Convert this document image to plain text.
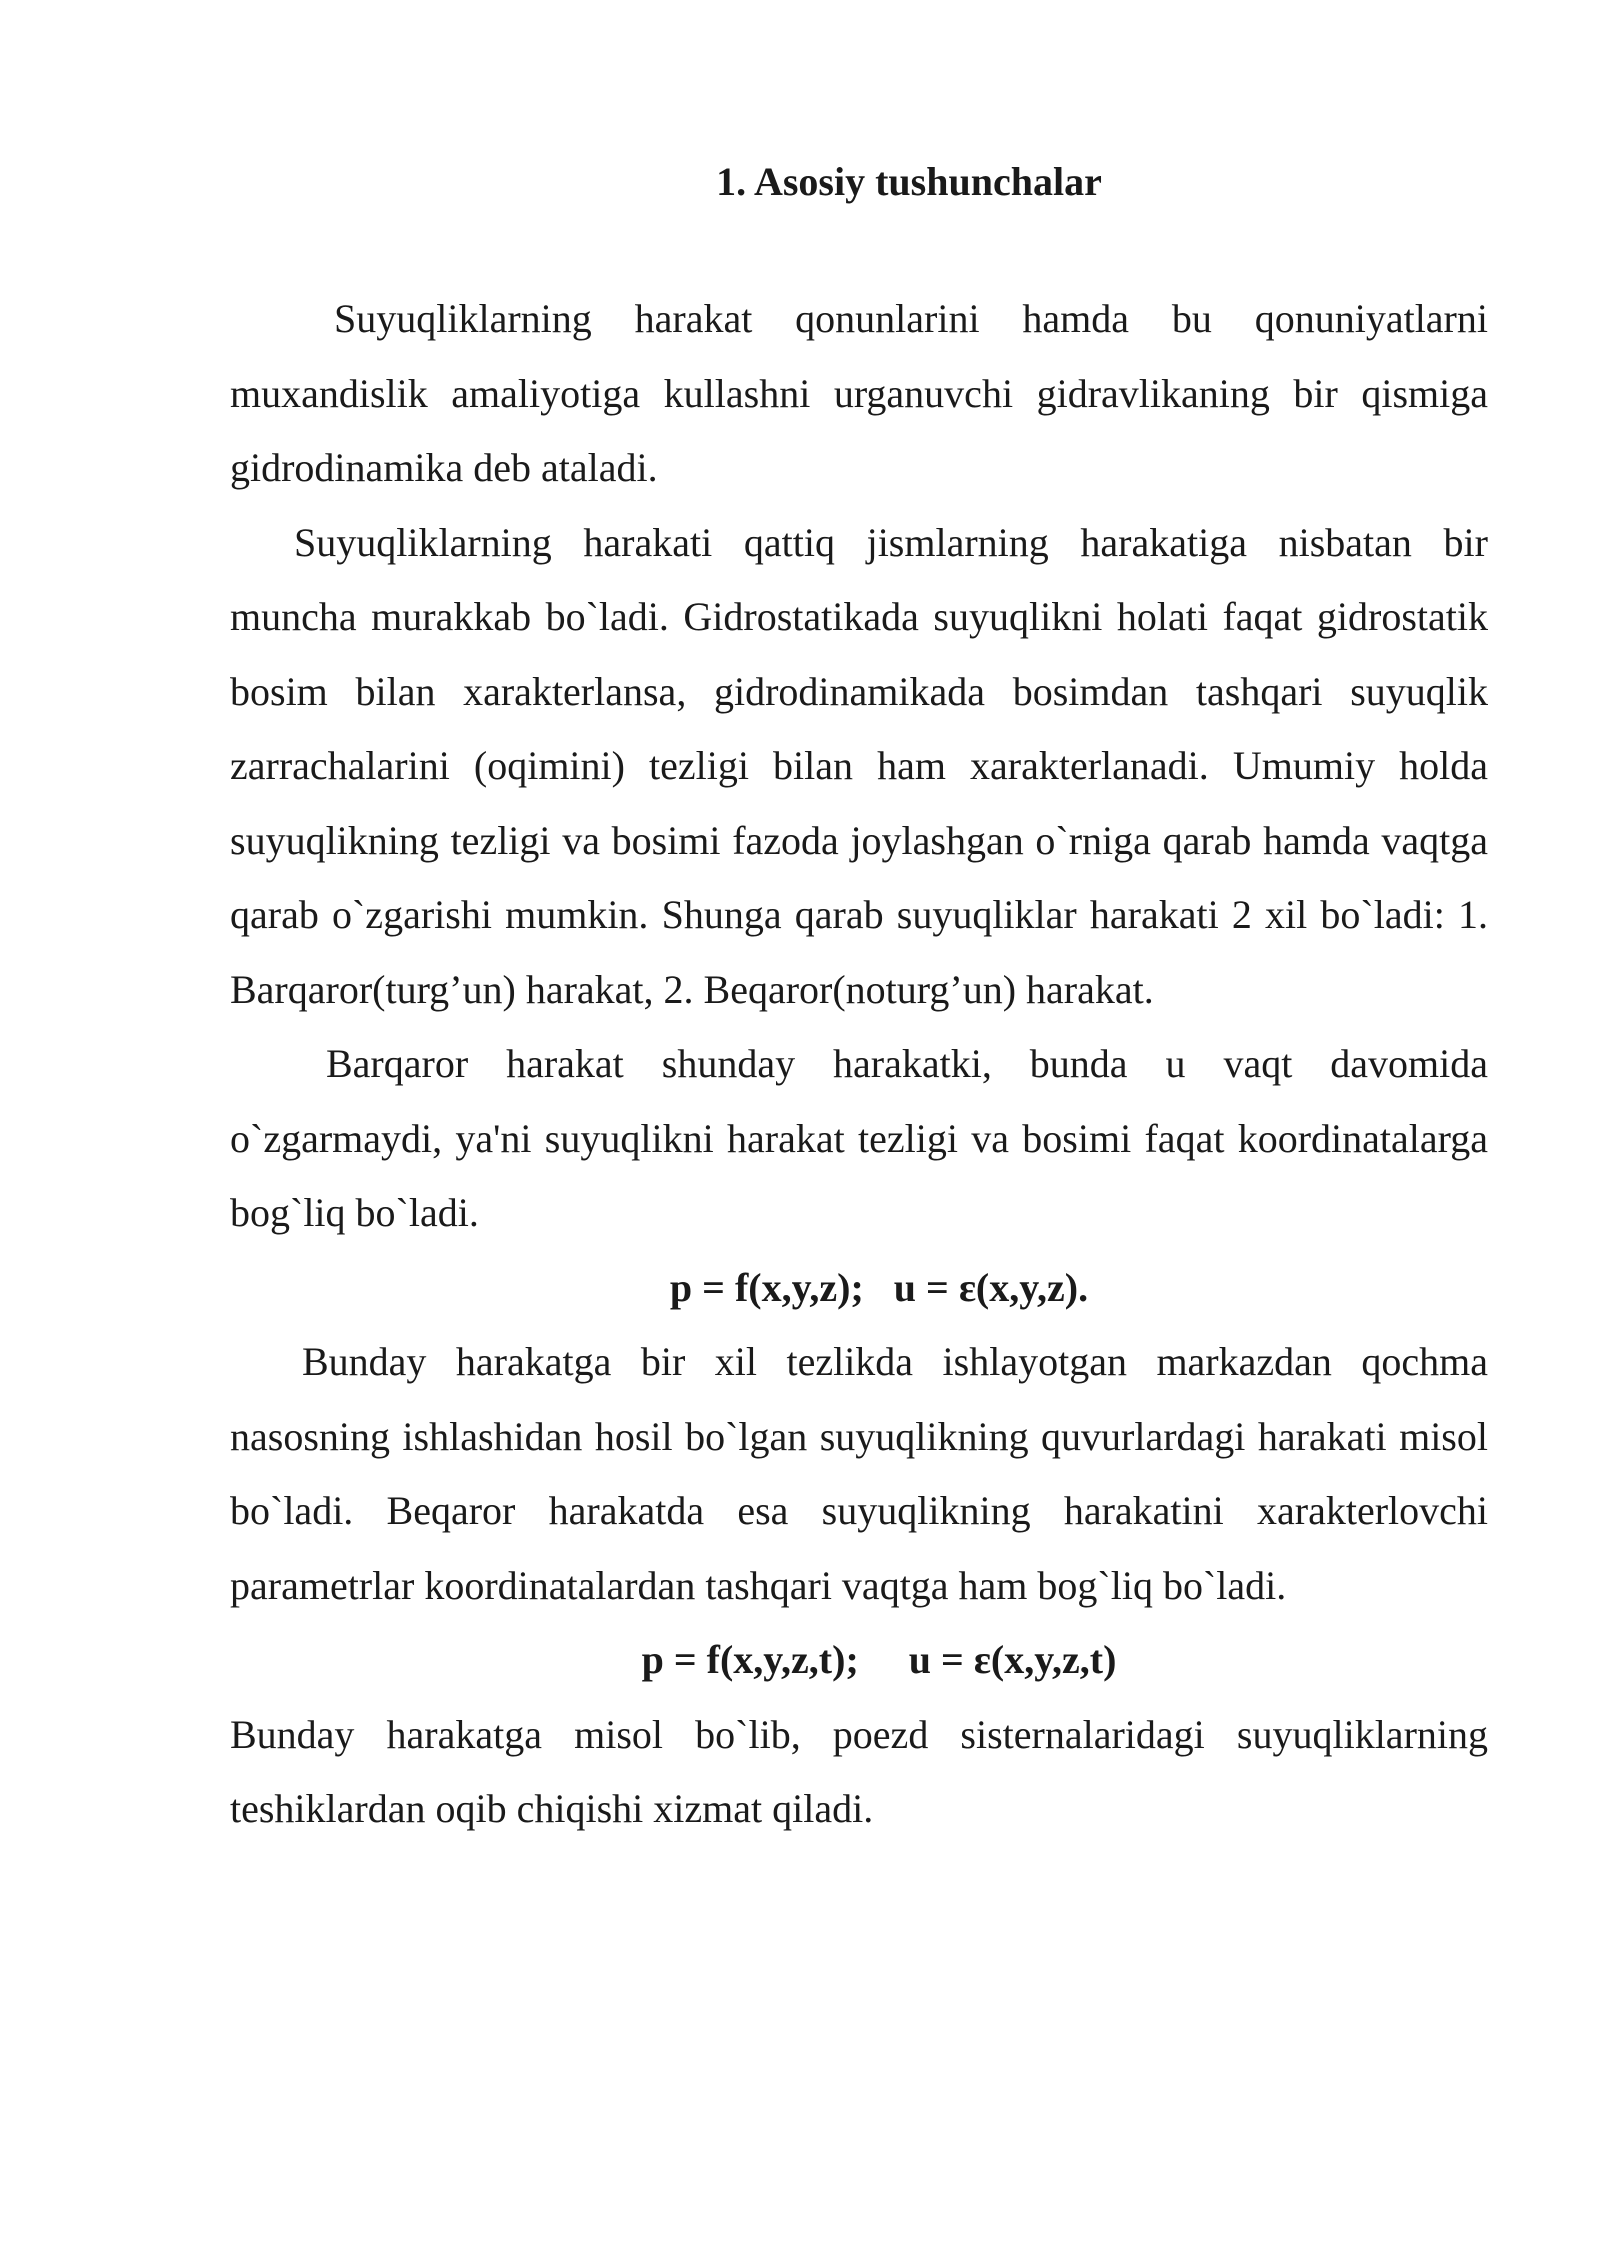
1. Asosiy tushunchalar

Suyuqliklarning harakat qonunlarini hamda bu qonuniyatlarni muxandislik amaliyotiga kullashni urganuvchi gidravlikaning bir qismiga gidrodinamika deb ataladi.

Suyuqliklarning harakati qattiq jismlarning harakatiga nisbatan bir muncha murakkab bo`ladi. Gidrostatikada suyuqlikni holati faqat gidrostatik bosim bilan xarakterlansa, gidrodinamikada bosimdan tashqari suyuqlik zarrachalarini (oqimini) tezligi bilan ham xarakterlanadi. Umumiy holda suyuqlikning tezligi va bosimi fazoda joylashgan o`rniga qarab hamda vaqtga qarab o`zgarishi mumkin. Shunga qarab suyuqliklar harakati 2 xil bo`ladi: 1. Barqaror(turg’un) harakat, 2. Beqaror(noturg’un) harakat.

Barqaror harakat shunday harakatki, bunda u vaqt davomida o`zgarmaydi, ya'ni suyuqlikni harakat tezligi va bosimi faqat koordinatalarga bog`liq bo`ladi.

p = f(x,y,z);   u = ɛ(x,y,z).

Bunday harakatga bir xil tezlikda ishlayotgan markazdan qochma nasosning ishlashidan hosil bo`lgan suyuqlikning quvurlardagi harakati misol bo`ladi. Beqaror harakatda esa suyuqlikning harakatini xarakterlovchi parametrlar koordinatalardan tashqari vaqtga ham bog`liq bo`ladi.

p = f(x,y,z,t);     u = ɛ(x,y,z,t)

Bunday harakatga misol bo`lib, poezd sisternalaridagi suyuqliklarning teshiklardan oqib chiqishi xizmat qiladi.
